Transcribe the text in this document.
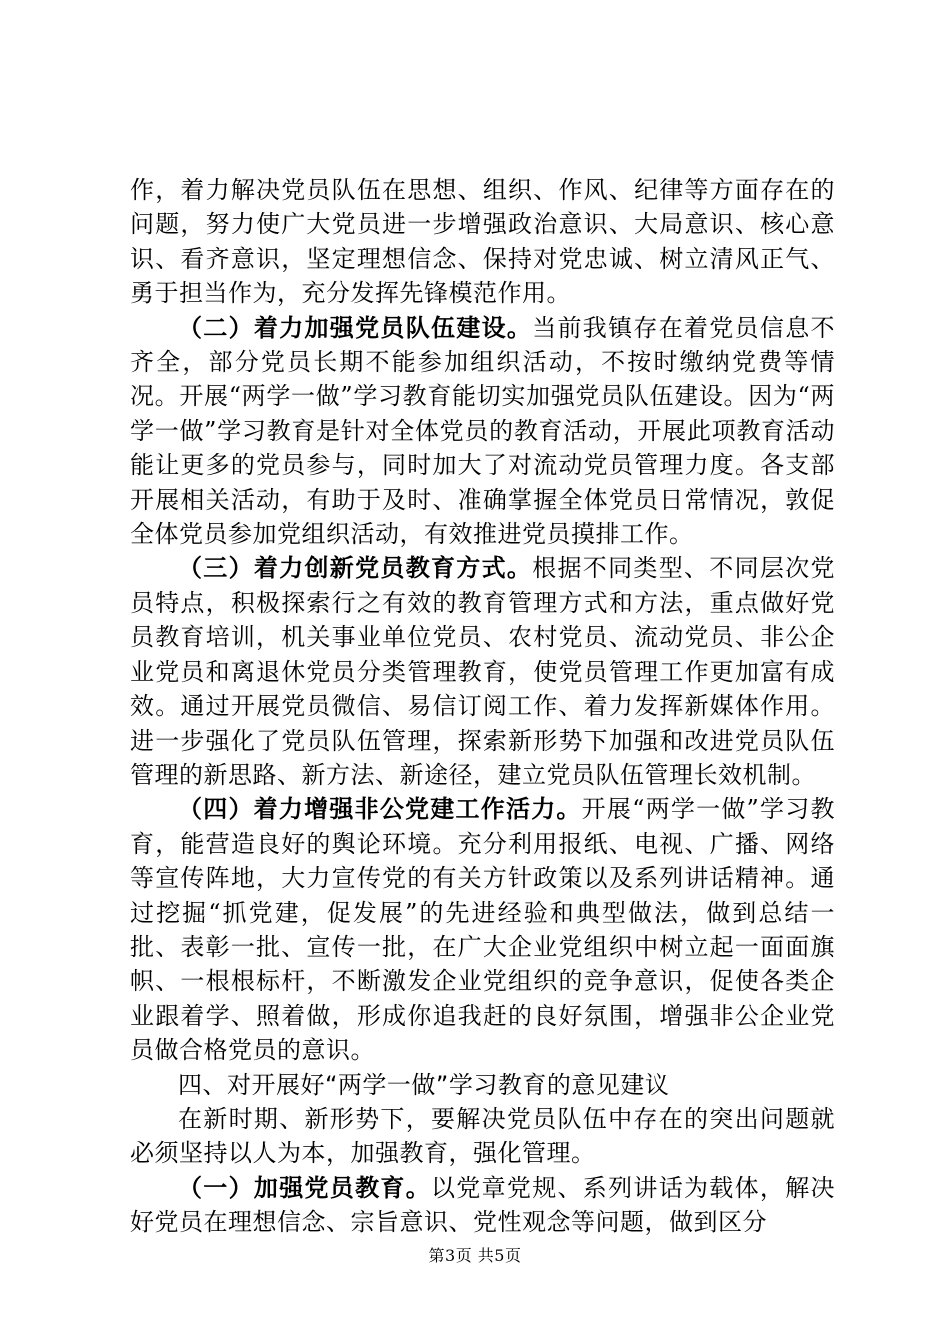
作，着力解决党员队伍在思想、组织、作风、纪律等方面存在的问题，努力使广大党员进一步增强政治意识、大局意识、核心意识、看齐意识，坚定理想信念、保持对党忠诚、树立清风正气、勇于担当作为，充分发挥先锋模范作用。

（二）着力加强党员队伍建设。当前我镇存在着党员信息不齐全，部分党员长期不能参加组织活动，不按时缴纳党费等情况。开展“两学一做”学习教育能切实加强党员队伍建设。因为“两学一做”学习教育是针对全体党员的教育活动，开展此项教育活动能让更多的党员参与，同时加大了对流动党员管理力度。各支部开展相关活动，有助于及时、准确掌握全体党员日常情况，敦促全体党员参加党组织活动，有效推进党员摸排工作。

（三）着力创新党员教育方式。根据不同类型、不同层次党员特点，积极探索行之有效的教育管理方式和方法，重点做好党员教育培训，机关事业单位党员、农村党员、流动党员、非公企业党员和离退休党员分类管理教育，使党员管理工作更加富有成效。通过开展党员微信、易信订阅工作、着力发挥新媒体作用。进一步强化了党员队伍管理，探索新形势下加强和改进党员队伍管理的新思路、新方法、新途径，建立党员队伍管理长效机制。

（四）着力增强非公党建工作活力。开展“两学一做”学习教育，能营造良好的舆论环境。充分利用报纸、电视、广播、网络等宣传阵地，大力宣传党的有关方针政策以及系列讲话精神。通过挖掘“抓党建，促发展”的先进经验和典型做法，做到总结一批、表彰一批、宣传一批，在广大企业党组织中树立起一面面旗帜、一根根标杆，不断激发企业党组织的竞争意识，促使各类企业跟着学、照着做，形成你追我赶的良好氛围，增强非公企业党员做合格党员的意识。

四、对开展好“两学一做”学习教育的意见建议

在新时期、新形势下，要解决党员队伍中存在的突出问题就必须坚持以人为本，加强教育，强化管理。

（一）加强党员教育。以党章党规、系列讲话为载体，解决好党员在理想信念、宗旨意识、党性观念等问题，做到区分

第3页 共5页
